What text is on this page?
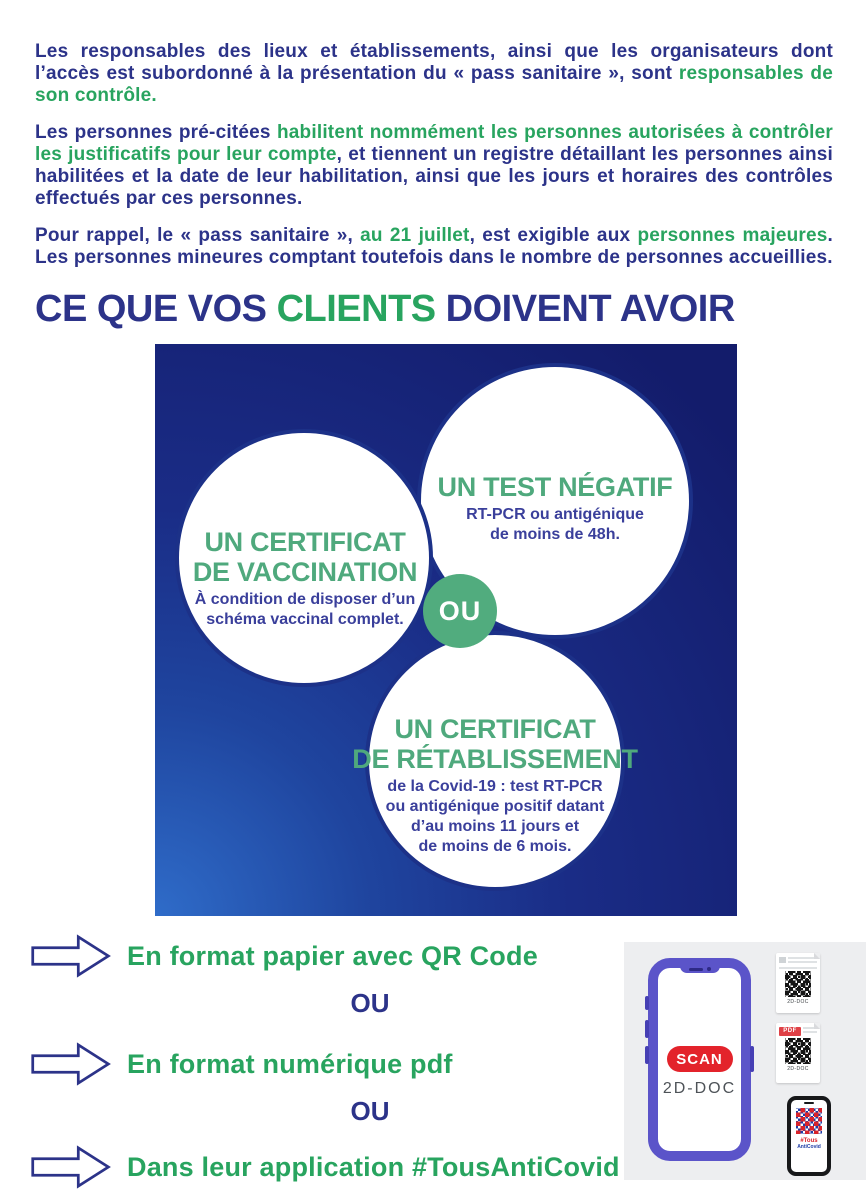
Les responsables des lieux et établissements, ainsi que les organisateurs dont l’accès est subordonné à la présentation du « pass sanitaire », sont responsables de son contrôle.

Les personnes pré-citées habilitent nommément les personnes autorisées à contrôler les justificatifs pour leur compte, et tiennent un registre détaillant les personnes ainsi habilitées et la date de leur habilitation, ainsi que les jours et horaires des contrôles effectués par ces personnes.

Pour rappel, le « pass sanitaire », au 21 juillet, est exigible aux personnes majeures. Les personnes mineures comptant toutefois dans le nombre de personnes accueillies.

CE QUE VOS CLIENTS DOIVENT AVOIR
OU
UN CERTIFICAT
DE VACCINATION
À condition de disposer d’un
schéma vaccinal complet.
UN TEST NÉGATIF
RT-PCR ou antigénique
de moins de 48h.
UN CERTIFICAT
DE RÉTABLISSEMENT
de la Covid-19 : test RT-PCR
ou antigénique positif datant
d’au moins 11 jours et
de moins de 6 mois.
En format papier avec QR Code
OU
En format numérique pdf
OU
Dans leur application #TousAntiCovid
SCAN
2D-DOC
2D-DOC
PDF
2D-DOC
#Tous
AntiCovid
